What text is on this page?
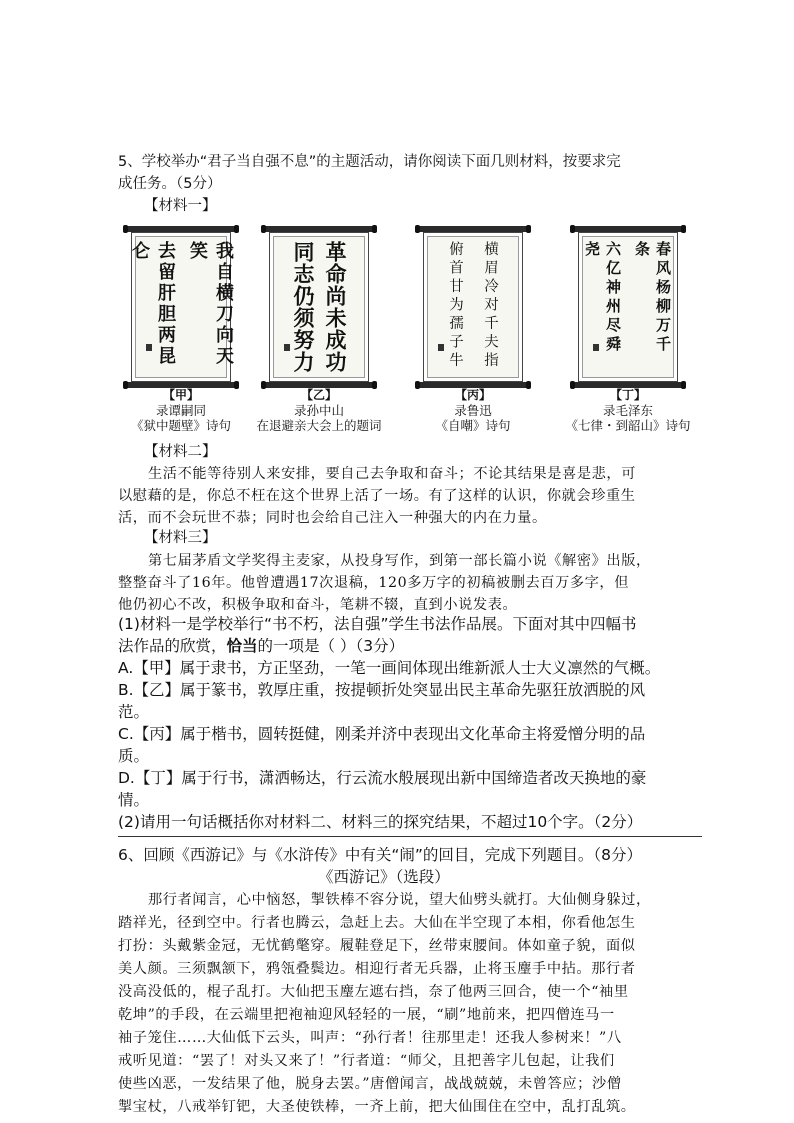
5、学校举办“君子当自强不息”的主题活动，请你阅读下面几则材料，按要求完
成任务。（5分）
【材料一】
我自横刀向天笑
去留肝胆两昆仑	革命尚未成功
同志仍须努力	横眉冷对千夫指
俯首甘为孺子牛	春风杨柳万千条
六亿神州尽舜尧
【甲】
录谭嗣同
《狱中题壁》诗句
【乙】
录孙中山
在退避亲大会上的题词
【丙】
录鲁迅
《自嘲》诗句
【丁】
录毛泽东
《七律・到韶山》诗句
【材料二】
生活不能等待别人来安排，要自己去争取和奋斗；不论其结果是喜是悲，可
以慰藉的是，你总不枉在这个世界上活了一场。有了这样的认识，你就会珍重生
活，而不会玩世不恭；同时也会给自己注入一种强大的内在力量。
【材料三】
第七届茅盾文学奖得主麦家，从投身写作，到第一部长篇小说《解密》出版，
整整奋斗了16年。他曾遭遇17次退稿，120多万字的初稿被删去百万多字，但
他仍初心不改，积极争取和奋斗，笔耕不辍，直到小说发表。
(1)材料一是学校举行“书不朽，法自强”学生书法作品展。下面对其中四幅书
法作品的欣赏，恰当的一项是（ ）（3分）
A.【甲】属于隶书，方正坚劲，一笔一画间体现出维新派人士大义凛然的气概。
B.【乙】属于篆书，敦厚庄重，按提顿折处突显出民主革命先驱狂放洒脱的风
范。
C.【丙】属于楷书，圆转挺健，刚柔并济中表现出文化革命主将爱憎分明的品
质。
D.【丁】属于行书，潇洒畅达，行云流水般展现出新中国缔造者改天换地的豪
情。
(2)请用一句话概括你对材料二、材料三的探究结果，不超过10个字。（2分）
6、回顾《西游记》与《水浒传》中有关“闹”的回目，完成下列题目。（8分）
《西游记》（选段）
那行者闻言，心中恼怒，掣铁棒不容分说，望大仙劈头就打。大仙侧身躲过，
踏祥光，径到空中。行者也腾云，急赶上去。大仙在半空现了本相，你看他怎生
打扮：头戴紫金冠，无忧鹤氅穿。履鞋登足下，丝带束腰间。体如童子貌，面似
美人颜。三须飘颔下，鸦瓴叠鬓边。相迎行者无兵器，止将玉麈手中拈。那行者
没高没低的，棍子乱打。大仙把玉麈左遮右挡，奈了他两三回合，使一个“袖里
乾坤”的手段，在云端里把袍袖迎风轻轻的一展，“刷”地前来，把四僧连马一
袖子笼住……大仙低下云头，叫声：“孙行者！往那里走！还我人参树来！”八
戒听见道：“罢了！对头又来了！”行者道：“师父，且把善字儿包起，让我们
使些凶恶，一发结果了他，脱身去罢。”唐僧闻言，战战兢兢，未曾答应；沙僧
掣宝杖，八戒举钉钯，大圣使铁棒，一齐上前，把大仙围住在空中，乱打乱筑。
